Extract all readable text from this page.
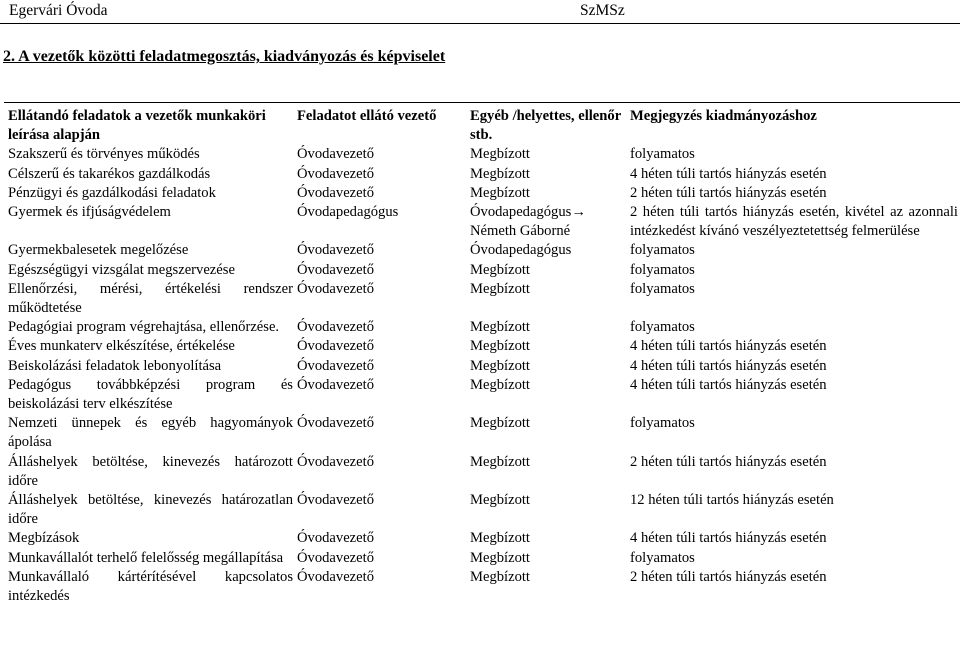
Egervári Óvoda	SzMSz
2. A vezetők közötti feladatmegosztás, kiadványozás és képviselet
Ellátandó feladatok a vezetők munkaköri leírása alapján	Feladatot ellátó vezető	Egyéb /helyettes, ellenőr stb.	Megjegyzés kiadmányozáshoz
Szakszerű és törvényes működés	Óvodavezető	Megbízott	folyamatos
Célszerű és takarékos gazdálkodás	Óvodavezető	Megbízott	4 héten túli tartós hiányzás esetén
Pénzügyi és gazdálkodási feladatok	Óvodavezető	Megbízott	2 héten túli tartós hiányzás esetén
Gyermek és ifjúságvédelem	Óvodapedagógus	Óvodapedagógus→ Németh Gáborné	2 héten túli tartós hiányzás esetén, kivétel az azonnali intézkedést kívánó veszélyeztetettség felmerülése
Gyermekbalesetek megelőzése	Óvodavezető	Óvodapedagógus	folyamatos
Egészségügyi vizsgálat megszervezése	Óvodavezető	Megbízott	folyamatos
Ellenőrzési, mérési, értékelési rendszer működtetése	Óvodavezető	Megbízott	folyamatos
Pedagógiai program végrehajtása, ellenőrzése.	Óvodavezető	Megbízott	folyamatos
Éves munkaterv elkészítése, értékelése	Óvodavezető	Megbízott	4 héten túli tartós hiányzás esetén
Beiskolázási feladatok lebonyolítása	Óvodavezető	Megbízott	4 héten túli tartós hiányzás esetén
Pedagógus továbbképzési program és beiskolázási terv elkészítése	Óvodavezető	Megbízott	4 héten túli tartós hiányzás esetén
Nemzeti ünnepek és egyéb hagyományok ápolása	Óvodavezető	Megbízott	folyamatos
Álláshelyek betöltése, kinevezés határozott időre	Óvodavezető	Megbízott	2 héten túli tartós hiányzás esetén
Álláshelyek betöltése, kinevezés határozatlan időre	Óvodavezető	Megbízott	12 héten túli tartós hiányzás esetén
Megbízások	Óvodavezető	Megbízott	4 héten túli tartós hiányzás esetén
Munkavállalót terhelő felelősség megállapítása	Óvodavezető	Megbízott	folyamatos
Munkavállaló kártérítésével kapcsolatos intézkedés	Óvodavezető	Megbízott	2 héten túli tartós hiányzás esetén
